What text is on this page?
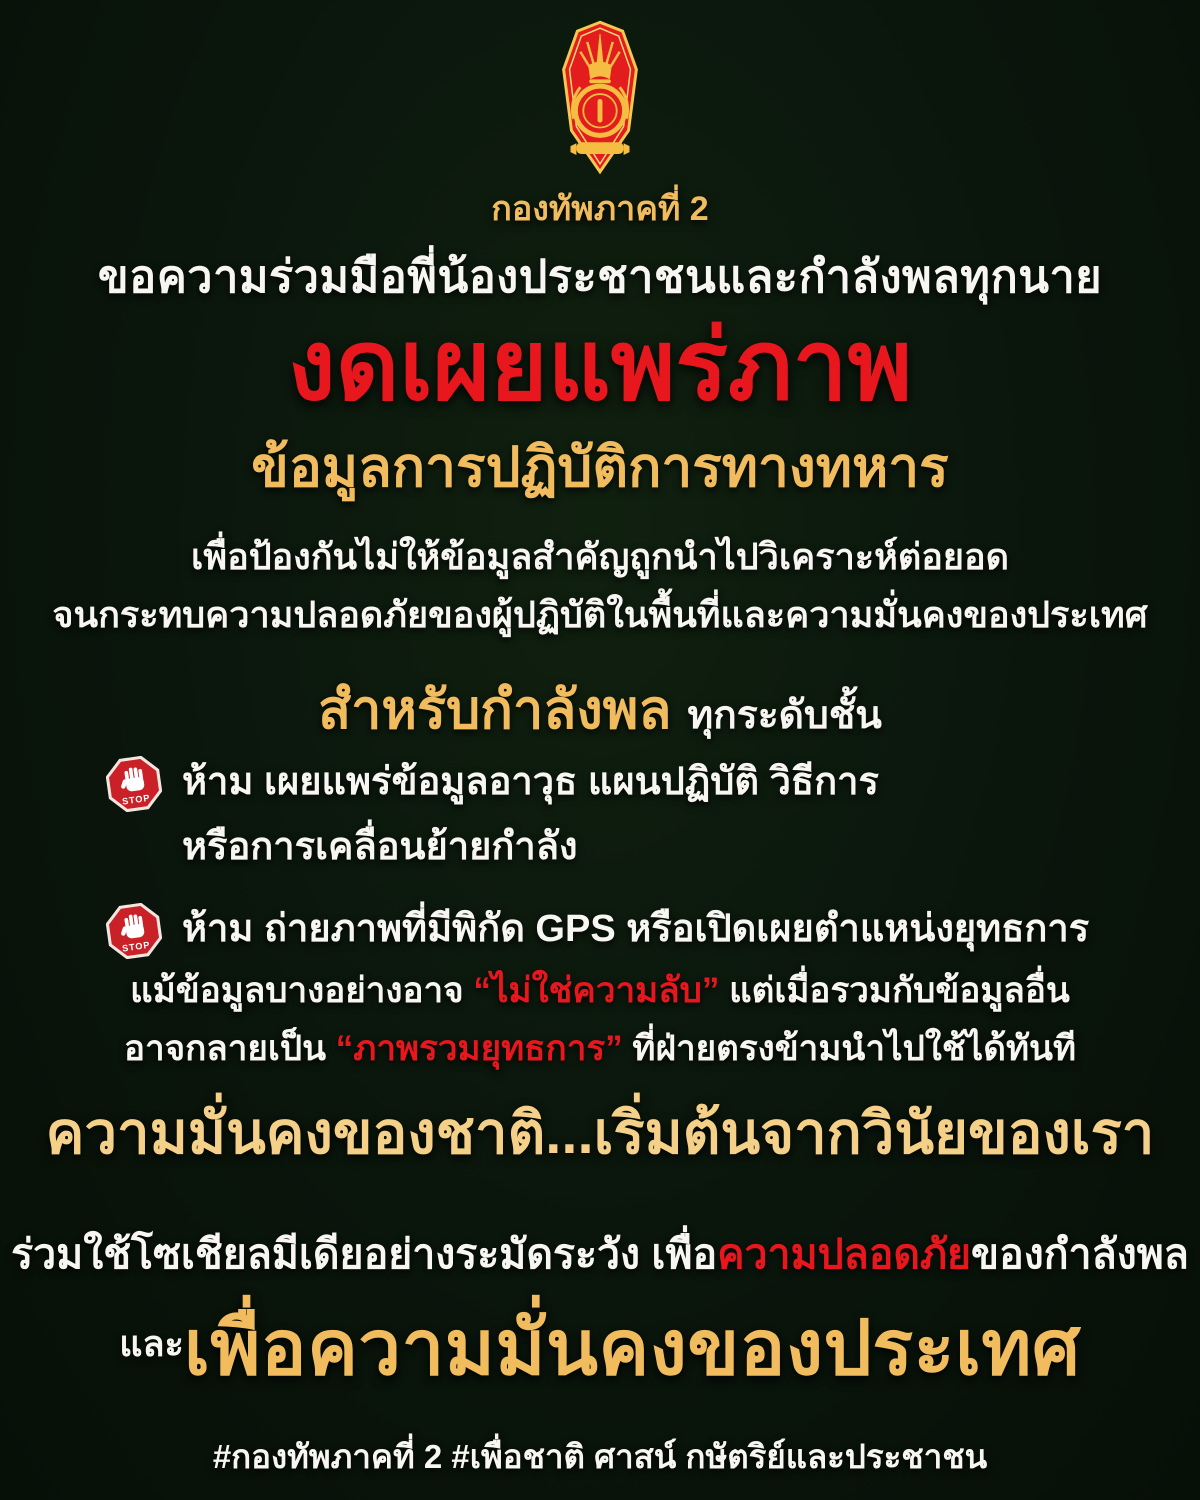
กองทัพภาคที่ 2
ขอความร่วมมือพี่น้องประชาชนและกำลังพลทุกนาย
งดเผยแพร่ภาพ
ข้อมูลการปฏิบัติการทางทหาร
เพื่อป้องกันไม่ให้ข้อมูลสำคัญถูกนำไปวิเคราะห์ต่อยอด
จนกระทบความปลอดภัยของผู้ปฏิบัติในพื้นที่และความมั่นคงของประเทศ
สำหรับกำลังพล ทุกระดับชั้น
STOP ห้าม เผยแพร่ข้อมูลอาวุธ แผนปฏิบัติ วิธีการ
หรือการเคลื่อนย้ายกำลัง
STOP ห้าม ถ่ายภาพที่มีพิกัด GPS หรือเปิดเผยตำแหน่งยุทธการ
แม้ข้อมูลบางอย่างอาจ “ไม่ใช่ความลับ” แต่เมื่อรวมกับข้อมูลอื่น
อาจกลายเป็น “ภาพรวมยุทธการ” ที่ฝ่ายตรงข้ามนำไปใช้ได้ทันที
ความมั่นคงของชาติ...เริ่มต้นจากวินัยของเรา
ร่วมใช้โซเชียลมีเดียอย่างระมัดระวัง เพื่อความปลอดภัยของกำลังพล
และเพื่อความมั่นคงของประเทศ
#กองทัพภาคที่ 2 #เพื่อชาติ ศาสน์ กษัตริย์และประชาชน
